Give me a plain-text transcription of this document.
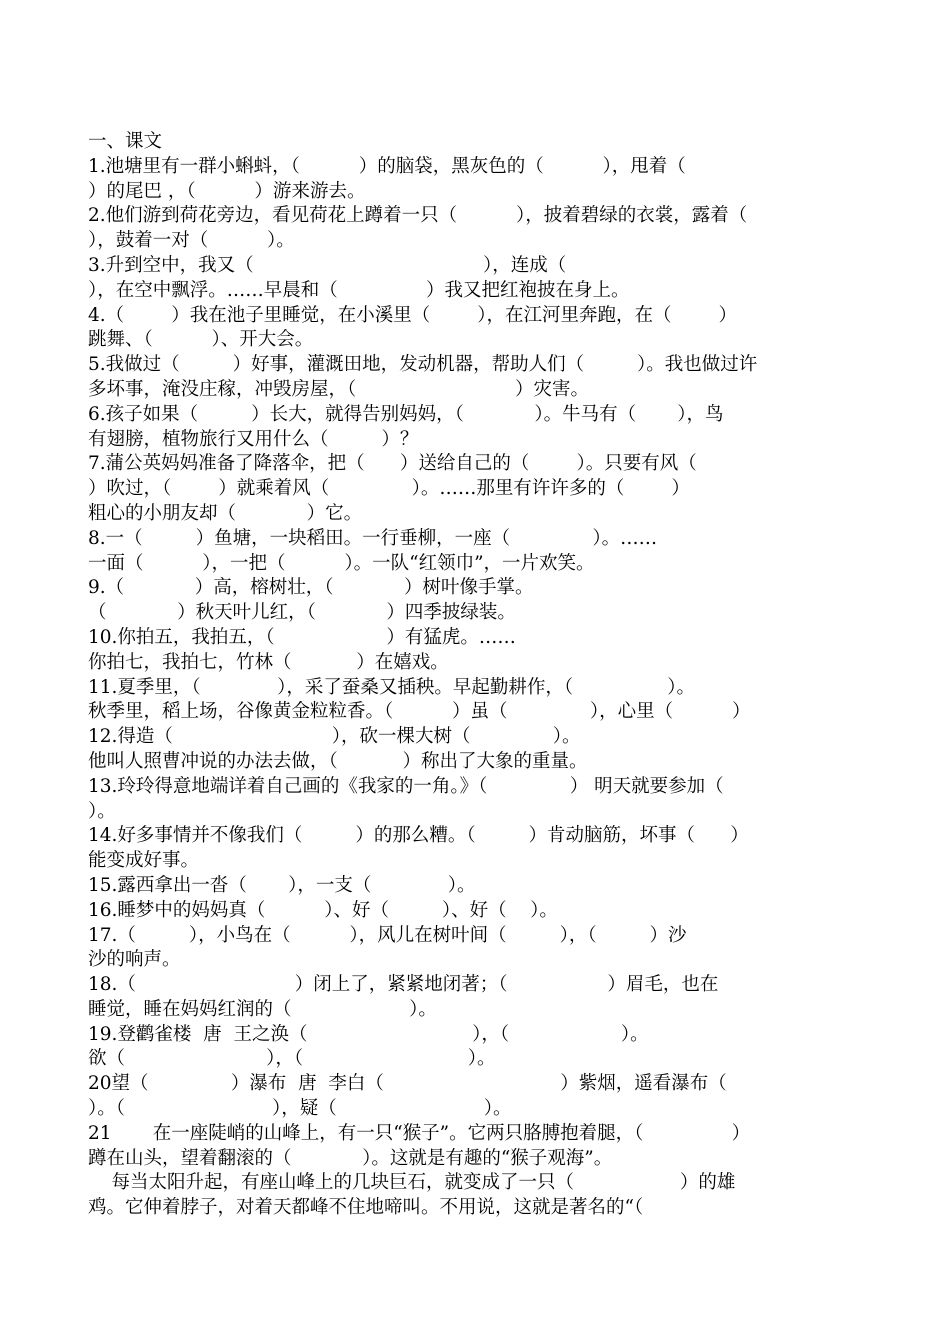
一、课文
1.池塘里有一群小蝌蚪，（          ）的脑袋，黑灰色的（          ），甩着（
）的尾巴 ，（          ）游来游去。
2.他们游到荷花旁边，看见荷花上蹲着一只（          ），披着碧绿的衣裳，露着（
），鼓着一对（          ）。
3.升到空中，我又（                                       ），连成（
），在空中飘浮。……早晨和（               ）我又把红袍披在身上。
4.（        ）我在池子里睡觉，在小溪里（        ），在江河里奔跑，在（        ）
跳舞、（          ）、开大会。
5.我做过（         ）好事，灌溉田地，发动机器，帮助人们（         ）。我也做过许
多坏事，淹没庄稼，冲毁房屋，（                           ）灾害。
6.孩子如果（         ）长大，就得告别妈妈，（            ）。牛马有（       ），鸟
有翅膀，植物旅行又用什么（         ）？
7.蒲公英妈妈准备了降落伞，把（      ）送给自己的（        ）。只要有风（
）吹过，（        ）就乘着风（              ）。……那里有许许多的（        ）
粗心的小朋友却（            ）它。
8.一（         ）鱼塘，一块稻田。一行垂柳，一座（              ）。……
一面（          ），一把（          ）。一队“红领巾”，一片欢笑。
9.（            ）高，榕树壮，（            ）树叶像手掌。
（            ）秋天叶儿红，（            ）四季披绿装。
10.你拍五，我拍五，（                   ）有猛虎。……
你拍七，我拍七，竹林（           ）在嬉戏。
11.夏季里，（             ），采了蚕桑又插秧。早起勤耕作，（                ）。
秋季里，稻上场，谷像黄金粒粒香。（          ）虽（              ），心里（          ）
12.得造（                           ），砍一棵大树（              ）。
他叫人照曹冲说的办法去做，（           ）称出了大象的重量。
13.玲玲得意地端详着自己画的《我家的一角。》（              ） 明天就要参加（
）。
14.好多事情并不像我们（         ）的那么糟。（         ）肯动脑筋，坏事（      ）
能变成好事。
15.露西拿出一沓（       ），一支（             ）。
16.睡梦中的妈妈真（          ）、好（         ）、好（    ）。
17.（         ），小鸟在（          ），风儿在树叶间（         ），（         ）沙
沙的响声。
18.（                           ）闭上了，紧紧地闭著；（                 ）眉毛，也在
睡觉，睡在妈妈红润的（                    ）。
19.登鹳雀楼  唐  王之涣（                            ），（                   ）。
欲（                        ），（                            ）。
20望（              ）瀑布  唐  李白（                              ）紫烟，遥看瀑布（
）。（                         ），疑（                         ）。
21       在一座陡峭的山峰上，有一只“猴子”。它两只胳膊抱着腿，（               ）
蹲在山头，望着翻滚的（            ）。这就是有趣的“猴子观海”。
每当太阳升起，有座山峰上的几块巨石，就变成了一只（                  ）的雄
鸡。它伸着脖子，对着天都峰不住地啼叫。不用说，这就是著名的“（
